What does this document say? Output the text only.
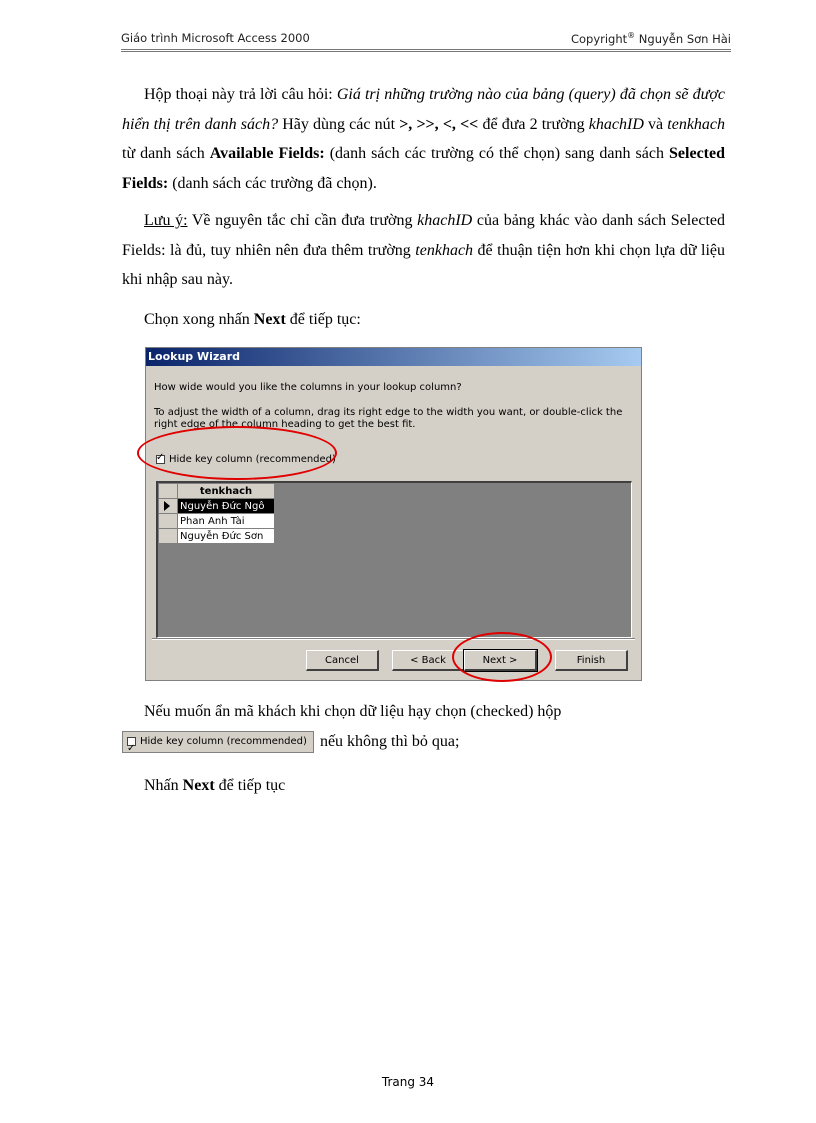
Giáo trình Microsoft Access 2000	Copyright® Nguyễn Sơn Hài
Hộp thoại này trả lời câu hỏi: Giá trị những trường nào của bảng (query) đã chọn sẽ được hiển thị trên danh sách? Hãy dùng các nút >, >>, <, << để đưa 2 trường khachID và tenkhach từ danh sách Available Fields: (danh sách các trường có thể chọn) sang danh sách Selected Fields: (danh sách các trường đã chọn).
Lưu ý: Về nguyên tắc chỉ cần đưa trường khachID của bảng khác vào danh sách Selected Fields: là đủ, tuy nhiên nên đưa thêm trường tenkhach để thuận tiện hơn khi chọn lựa dữ liệu khi nhập sau này.
Chọn xong nhấn Next để tiếp tục:
Lookup Wizard
How wide would you like the columns in your lookup column?
To adjust the width of a column, drag its right edge to the width you want, or double-click the right edge of the column heading to get the best fit.
✓
Hide key column (recommended)
	tenkhach

	Nguyễn Đức Ngô
	Phan Anh Tài
	Nguyễn Đức Sơn
Cancel	< Back	Next >	Finish
Nếu muốn ẩn mã khách khi chọn dữ liệu hạy chọn (checked) hộp

✓
Hide key column (recommended) nếu không thì bỏ qua;
Nhấn Next để tiếp tục
Trang 34
